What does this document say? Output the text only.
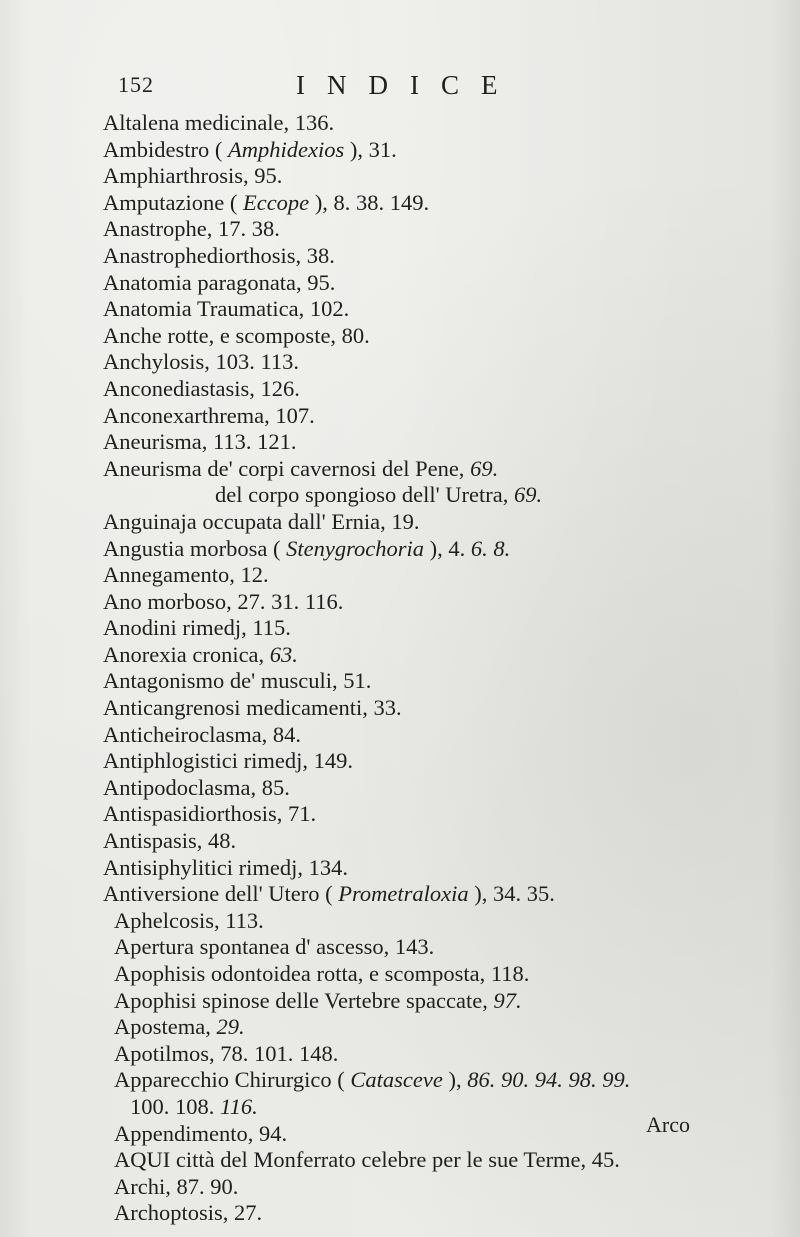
152	INDICE
Altalena medicinale, 136.
Ambidestro ( Amphidexios ), 31.
Amphiarthrosis, 95.
Amputazione ( Eccope ), 8. 38. 149.
Anastrophe, 17. 38.
Anastrophediorthosis, 38.
Anatomia paragonata, 95.
Anatomia Traumatica, 102.
Anche rotte, e scomposte, 80.
Anchylosis, 103. 113.
Anconediastasis, 126.
Anconexarthrema, 107.
Aneurisma, 113. 121.
Aneurisma de' corpi cavernosi del Pene, 69.
del corpo spongioso dell' Uretra, 69.
Anguinaja occupata dall' Ernia, 19.
Angustia morbosa ( Stenygrochoria ), 4. 6. 8.
Annegamento, 12.
Ano morboso, 27. 31. 116.
Anodini rimedj, 115.
Anorexia cronica, 63.
Antagonismo de' musculi, 51.
Anticangrenosi medicamenti, 33.
Anticheiroclasma, 84.
Antiphlogistici rimedj, 149.
Antipodoclasma, 85.
Antispasidiorthosis, 71.
Antispasis, 48.
Antisiphylitici rimedj, 134.
Antiversione dell' Utero ( Prometraloxia ), 34. 35.
Aphelcosis, 113.
Apertura spontanea d' ascesso, 143.
Apophisis odontoidea rotta, e scomposta, 118.
Apophisi spinose delle Vertebre spaccate, 97.
Apostema, 29.
Apotilmos, 78. 101. 148.
Apparecchio Chirurgico ( Catasceve ), 86. 90. 94. 98. 99.
100. 108. 116.
Appendimento, 94.
AQUI città del Monferrato celebre per le sue Terme, 45.
Archi, 87. 90.
Archoptosis, 27.
Arco
